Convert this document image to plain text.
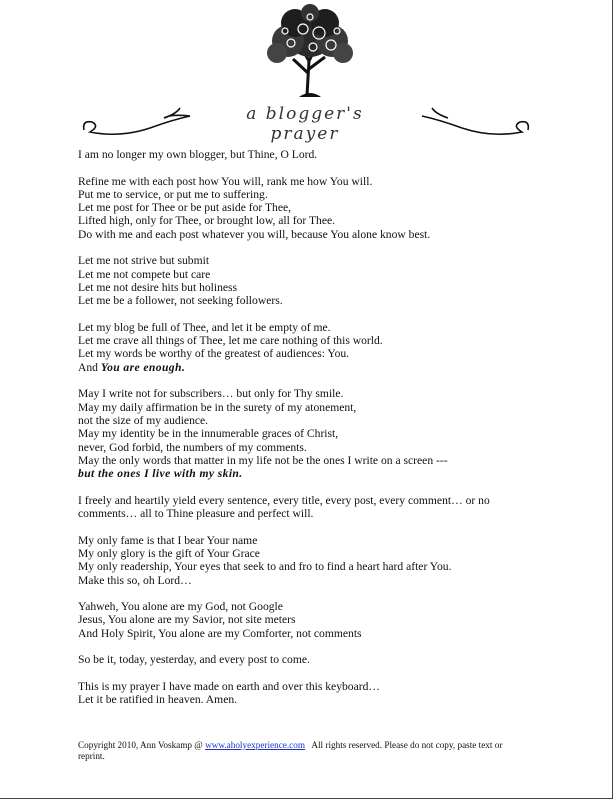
a blogger's prayer
I am no longer my own blogger, but Thine, O Lord.
Refine me with each post how You will, rank me how You will.
Put me to service, or put me to suffering.
Let me post for Thee or be put aside for Thee,
Lifted high, only for Thee, or brought low, all for Thee.
Do with me and each post whatever you will, because You alone know best.
Let me not strive but submit
Let me not compete but care
Let me not desire hits but holiness
Let me be a follower, not seeking followers.
Let my blog be full of Thee, and let it be empty of me.
Let me crave all things of Thee, let me care nothing of this world.
Let my words be worthy of the greatest of audiences: You.
And You are enough.
May I write not for subscribers… but only for Thy smile.
May my daily affirmation be in the surety of my atonement,
not the size of my audience.
May my identity be in the innumerable graces of Christ,
never, God forbid, the numbers of my comments.
May the only words that matter in my life not be the ones I write on a screen ---
but the ones I live with my skin.
I freely and heartily yield every sentence, every title, every post, every comment… or no comments… all to Thine pleasure and perfect will.
My only fame is that I bear Your name
My only glory is the gift of Your Grace
My only readership, Your eyes that seek to and fro to find a heart hard after You.
Make this so, oh Lord…
Yahweh, You alone are my God, not Google
Jesus, You alone are my Savior, not site meters
And Holy Spirit, You alone are my Comforter, not comments
So be it, today, yesterday, and every post to come.
This is my prayer I have made on earth and over this keyboard…
Let it be ratified in heaven. Amen.
Copyright 2010, Ann Voskamp @ www.aholyexperience.com   All rights reserved. Please do not copy, paste text or reprint.
